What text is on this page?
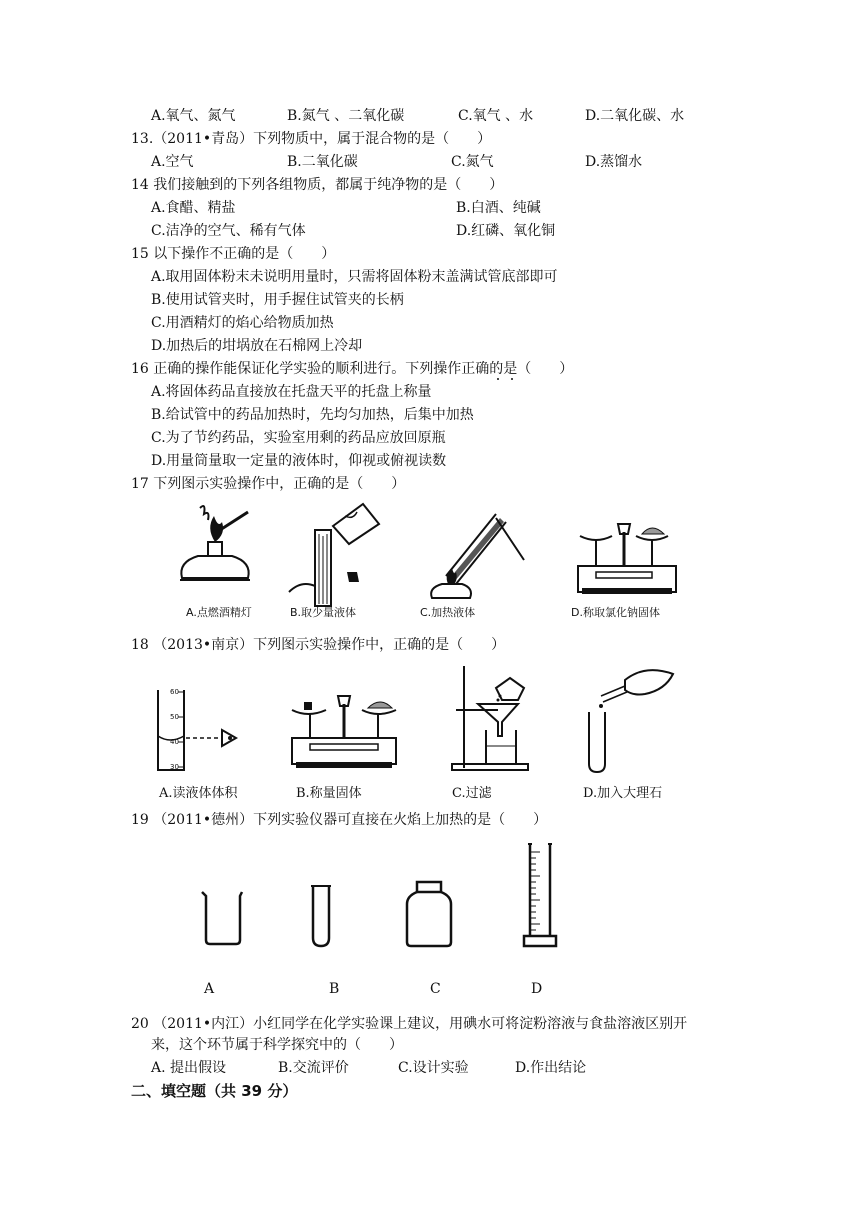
A.氧气、氮气	B.氮气 、二氧化碳	C.氧气 、水	D.二氧化碳、水
13.（2011•青岛）下列物质中，属于混合物的是（　　）
A.空气	B.二氧化碳	C.氮气	D.蒸馏水
14 我们接触到的下列各组物质，都属于纯净物的是（　　）
A.食醋、精盐	B.白酒、纯碱
C.洁净的空气、稀有气体	D.红磷、氧化铜
15 以下操作不正确的是（　　）
A.取用固体粉末未说明用量时，只需将固体粉末盖满试管底部即可
B.使用试管夹时，用手握住试管夹的长柄
C.用酒精灯的焰心给物质加热
D.加热后的坩埚放在石棉网上冷却
16 正确的操作能保证化学实验的顺利进行。下列操作正确的是（　　）
A.将固体药品直接放在托盘天平的托盘上称量
B.给试管中的药品加热时，先均匀加热，后集中加热
C.为了节约药品，实验室用剩的药品应放回原瓶
D.用量筒量取一定量的液体时，仰视或俯视读数
17 下列图示实验操作中，正确的是（　　）
A.点燃酒精灯	B.取少量液体	C.加热液体	D.称取氯化钠固体
18 （2013•南京）下列图示实验操作中，正确的是（　　）
60
50
40
30
A.读液体体积	B.称量固体	C.过滤	D.加入大理石
19 （2011•德州）下列实验仪器可直接在火焰上加热的是（　　）
A	B	C	D
20 （2011•内江）小红同学在化学实验课上建议，用碘水可将淀粉溶液与食盐溶液区别开
来，这个环节属于科学探究中的（　　）
A. 提出假设	B.交流评价	C.设计实验	D.作出结论
二、填空题（共 39 分）
